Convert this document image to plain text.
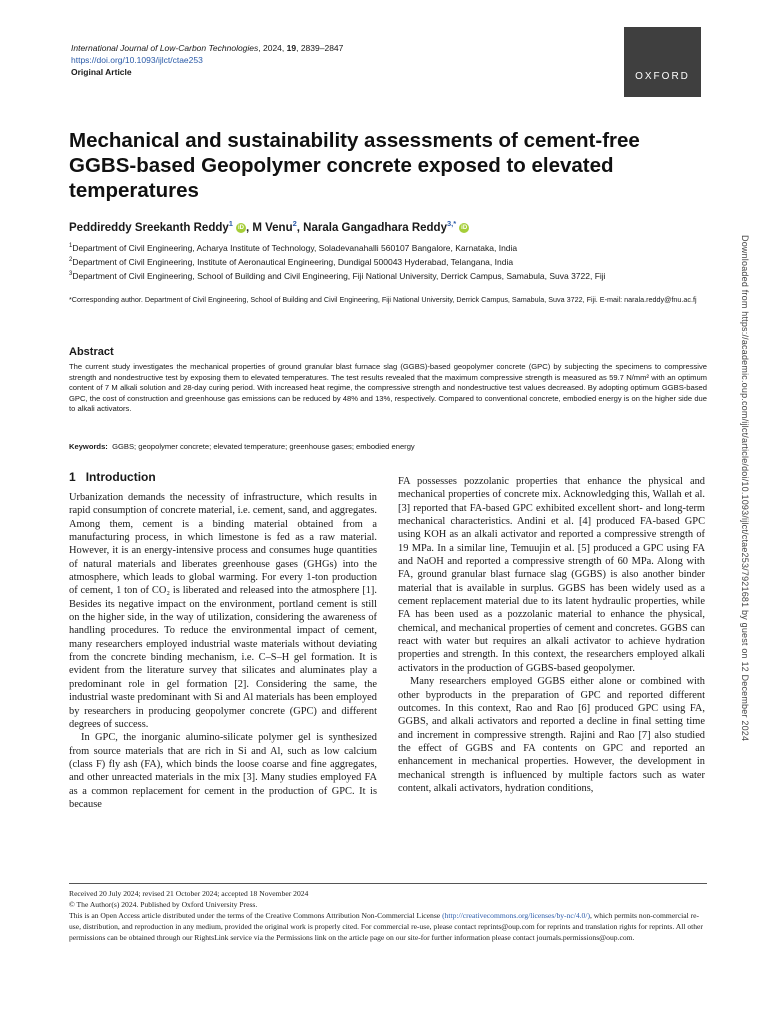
International Journal of Low-Carbon Technologies, 2024, 19, 2839–2847
https://doi.org/10.1093/ijlct/ctae253
Original Article	OXFORD
Mechanical and sustainability assessments of cement-free GGBS-based Geopolymer concrete exposed to elevated temperatures
Peddireddy Sreekanth Reddy$^1$ iD , M Venu$^2$, Narala Gangadhara Reddy$^{3,*}$ iD
$^1$Department of Civil Engineering, Acharya Institute of Technology, Soladevanahalli 560107 Bangalore, Karnataka, India
$^2$Department of Civil Engineering, Institute of Aeronautical Engineering, Dundigal 500043 Hyderabad, Telangana, India
$^3$Department of Civil Engineering, School of Building and Civil Engineering, Fiji National University, Derrick Campus, Samabula, Suva 3722, Fiji
*Corresponding author. Department of Civil Engineering, School of Building and Civil Engineering, Fiji National University, Derrick Campus, Samabula, Suva 3722, Fiji. E-mail: narala.reddy@fnu.ac.fj
Abstract
The current study investigates the mechanical properties of ground granular blast furnace slag (GGBS)-based geopolymer concrete (GPC) by subjecting the specimens to compressive strength and nondestructive test by exposing them to elevated temperatures. The test results revealed that the maximum compressive strength is measured as 59.7 N/mm² with an optimum content of 7 M alkali solution and 28-day curing period. With increased heat regime, the compressive strength and nondestructive test values decreased. By adopting optimum GGBS-based GPC, the cost of construction and greenhouse gas emissions can be reduced by 48% and 13%, respectively. Compared to conventional concrete, embodied energy is on the higher side due to alkali activators.
Keywords: GGBS; geopolymer concrete; elevated temperature; greenhouse gases; embodied energy
1 Introduction

Urbanization demands the necessity of infrastructure, which results in rapid consumption of concrete material, i.e. cement, sand, and aggregates. Among them, cement is a binding material obtained from a manufacturing process, in which limestone is fed as a raw material. However, it is an energy-intensive process and consumes huge quantities of natural materials and liberates greenhouse gases (GHGs) into the atmosphere, which leads to global warming. For every 1-ton production of cement, 1 ton of CO₂ is liberated and released into the atmosphere [1]. Besides its negative impact on the environment, portland cement is still on the higher side, in the way of utilization, considering the awareness of handling procedures. To reduce the environmental impact of cement, many researchers employed industrial waste materials without deviating from the concrete binding mechanism, i.e. C–S–H gel formation. It is evident from the literature survey that silicates and aluminates play a predominant role in gel formation [2]. Considering the same, the industrial waste predominant with Si and Al materials has been employed by researchers in producing geopolymer concrete (GPC) and different degrees of success.

In GPC, the inorganic alumino-silicate polymer gel is synthesized from source materials that are rich in Si and Al, such as low calcium (class F) fly ash (FA), which binds the loose coarse and fine aggregates, and other unreacted materials in the mix [3]. Many studies employed FA as a common replacement for cement in the production of GPC. It is because

FA possesses pozzolanic properties that enhance the physical and mechanical properties of concrete mix. Acknowledging this, Wallah et al. [3] reported that FA-based GPC exhibited excellent short- and long-term mechanical characteristics. Andini et al. [4] produced FA-based GPC using KOH as an alkali activator and reported a compressive strength of 19 MPa. In a similar line, Temuujin et al. [5] produced a GPC using FA and NaOH and reported a compressive strength of 60 MPa. Along with FA, ground granular blast furnace slag (GGBS) is also another binder material that is available in surplus. GGBS has been widely used as a cement replacement material due to its latent hydraulic properties, while FA has been used as a pozzolanic material to enhance the physical, chemical, and mechanical properties of cement and concretes. GGBS can react with water but requires an alkali activator to achieve hydration properties and strength. In this context, the researchers employed alkali activators in the production of GGBS-based geopolymer.

Many researchers employed GGBS either alone or combined with other byproducts in the preparation of GPC and reported different outcomes. In this context, Rao and Rao [6] produced GPC using FA, GGBS, and alkali activators and reported a decline in final setting time and increment in compressive strength. Rajini and Rao [7] also studied the effect of GGBS and FA contents on GPC and reported an enhancement in mechanical properties. However, the development in mechanical strength is influenced by multiple factors such as water content, alkali activators, hydration conditions,

Received 20 July 2024; revised 21 October 2024; accepted 18 November 2024
© The Author(s) 2024. Published by Oxford University Press.
This is an Open Access article distributed under the terms of the Creative Commons Attribution Non-Commercial License (http://creativecommons.org/licenses/by-nc/4.0/), which permits non-commercial re-use, distribution, and reproduction in any medium, provided the original work is properly cited. For commercial re-use, please contact reprints@oup.com for reprints and translation rights for reprints. All other permissions can be obtained through our RightsLink service via the Permissions link on the article page on our site-for further information please contact journals.permissions@oup.com.
Downloaded from https://academic.oup.com/ijlct/article/doi/10.1093/ijlct/ctae253/7921681 by guest on 12 December 2024
